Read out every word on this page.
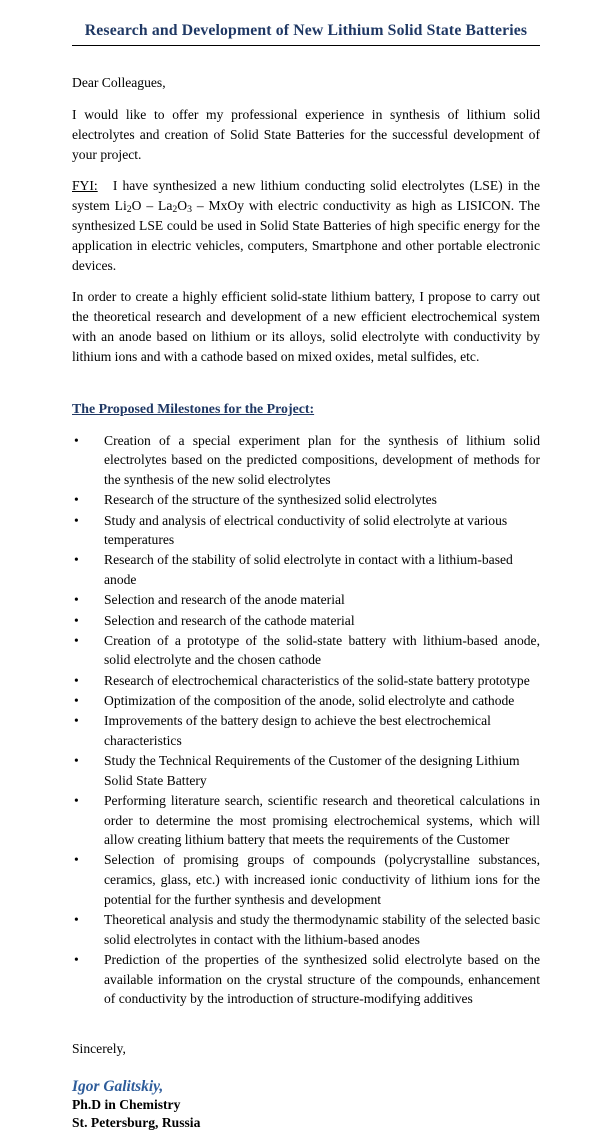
Research and Development of New Lithium Solid State Batteries

Dear Colleagues,

I would like to offer my professional experience in synthesis of lithium solid electrolytes and creation of Solid State Batteries for the successful development of your project.

FYI: I have synthesized a new lithium conducting solid electrolytes (LSE) in the system $Li_2O - La_2O_3$ – MxOy with electric conductivity as high as LISICON. The synthesized LSE could be used in Solid State Batteries of high specific energy for the application in electric vehicles, computers, Smartphone and other portable electronic devices.

In order to create a highly efficient solid-state lithium battery, I propose to carry out the theoretical research and development of a new efficient electrochemical system with an anode based on lithium or its alloys, solid electrolyte with conductivity by lithium ions and with a cathode based on mixed oxides, metal sulfides, etc.

The Proposed Milestones for the Project:
• Creation of a special experiment plan for the synthesis of lithium solid electrolytes based on the predicted compositions, development of methods for the synthesis of the new solid electrolytes
• Research of the structure of the synthesized solid electrolytes
• Study and analysis of electrical conductivity of solid electrolyte at various temperatures
• Research of the stability of solid electrolyte in contact with a lithium-based anode
• Selection and research of the anode material
• Selection and research of the cathode material
• Creation of a prototype of the solid-state battery with lithium-based anode, solid electrolyte and the chosen cathode
• Research of electrochemical characteristics of the solid-state battery prototype
• Optimization of the composition of the anode, solid electrolyte and cathode
• Improvements of the battery design to achieve the best electrochemical characteristics
• Study the Technical Requirements of the Customer of the designing Lithium Solid State Battery
• Performing literature search, scientific research and theoretical calculations in order to determine the most promising electrochemical systems, which will allow creating lithium battery that meets the requirements of the Customer
• Selection of promising groups of compounds (polycrystalline substances, ceramics, glass, etc.) with increased ionic conductivity of lithium ions for the potential for the further synthesis and development
• Theoretical analysis and study the thermodynamic stability of the selected basic solid electrolytes in contact with the lithium-based anodes
• Prediction of the properties of the synthesized solid electrolyte based on the available information on the crystal structure of the compounds, enhancement of conductivity by the introduction of structure-modifying additives

Sincerely,

Igor Galitskiy,

Ph.D in Chemistry

St. Petersburg, Russia
